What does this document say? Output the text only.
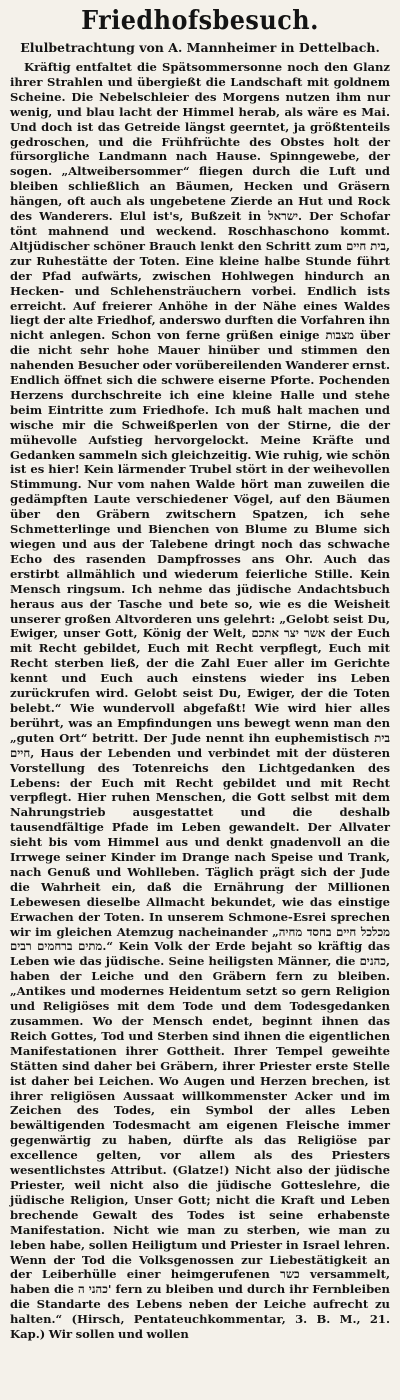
Friedhofsbesuch.
Elulbetrachtung von A. Mannheimer in Dettelbach.

Kräftig entfaltet die Spätsommersonne noch den Glanz ihrer Strahlen und übergießt die Landschaft mit goldnem Scheine. Die Nebelschleier des Morgens nutzen ihm nur wenig, und blau lacht der Himmel herab, als wäre es Mai. Und doch ist das Getreide längst geerntet, ja größtenteils gedroschen, und die Frühfrüchte des Obstes holt der fürsorgliche Landmann nach Hause. Spinngewebe, der sogen. „Altweibersommer“ fliegen durch die Luft und bleiben schließlich an Bäumen, Hecken und Gräsern hängen, oft auch als ungebetene Zierde an Hut und Rock des Wanderers. Elul ist's, Bußzeit in ישראל. Der Schofar tönt mahnend und weckend. Roschhaschono kommt. Altjüdischer schöner Brauch lenkt den Schritt zum בית חיים, zur Ruhestätte der Toten. Eine kleine halbe Stunde führt der Pfad aufwärts, zwischen Hohlwegen hindurch an Hecken- und Schlehensträuchern vorbei. Endlich ists erreicht. Auf freierer Anhöhe in der Nähe eines Waldes liegt der alte Friedhof, anderswo durften die Vorfahren ihn nicht anlegen. Schon von ferne grüßen einige מצבות über die nicht sehr hohe Mauer hinüber und stimmen den nahenden Besucher oder vorübereilenden Wanderer ernst. Endlich öffnet sich die schwere eiserne Pforte. Pochenden Herzens durchschreite ich eine kleine Halle und stehe beim Eintritte zum Friedhofe. Ich muß halt machen und wische mir die Schweißperlen von der Stirne, die der mühevolle Aufstieg hervorgelockt. Meine Kräfte und Gedanken sammeln sich gleichzeitig. Wie ruhig, wie schön ist es hier! Kein lärmender Trubel stört in der weihevollen Stimmung. Nur vom nahen Walde hört man zuweilen die gedämpften Laute verschiedener Vögel, auf den Bäumen über den Gräbern zwitschern Spatzen, ich sehe Schmetterlinge und Bienchen von Blume zu Blume sich wiegen und aus der Talebene dringt noch das schwache Echo des rasenden Dampfrosses ans Ohr. Auch das erstirbt allmählich und wiederum feierliche Stille. Kein Mensch ringsum. Ich nehme das jüdische Andachtsbuch heraus aus der Tasche und bete so, wie es die Weisheit unserer großen Altvorderen uns gelehrt: „Gelobt seist Du, Ewiger, unser Gott, König der Welt, אשר יצר אתכם der Euch mit Recht gebildet, Euch mit Recht verpflegt, Euch mit Recht sterben ließ, der die Zahl Euer aller im Gerichte kennt und Euch auch einstens wieder ins Leben zurückrufen wird. Gelobt seist Du, Ewiger, der die Toten belebt.“ Wie wundervoll abgefaßt! Wie wird hier alles berührt, was an Empfindungen uns bewegt wenn man den „guten Ort“ betritt. Der Jude nennt ihn euphemistisch בית חיים, Haus der Lebenden und verbindet mit der düsteren Vorstellung des Totenreichs den Lichtgedanken des Lebens: der Euch mit Recht gebildet und mit Recht verpflegt. Hier ruhen Menschen, die Gott selbst mit dem Nahrungstrieb ausgestattet und die deshalb tausendfältige Pfade im Leben gewandelt. Der Allvater sieht bis vom Himmel aus und denkt gnadenvoll an die Irrwege seiner Kinder im Drange nach Speise und Trank, nach Genuß und Wohlleben. Täglich prägt sich der Jude die Wahrheit ein, daß die Ernährung der Millionen Lebewesen dieselbe Allmacht bekundet, wie das einstige Erwachen der Toten. In unserem Schmone-Esrei sprechen wir im gleichen Atemzug nacheinander „מכלכל חיים בחסד מחיה מתים ברחמים רבים.“ Kein Volk der Erde bejaht so kräftig das Leben wie das jüdische. Seine heiligsten Männer, die כהנים, haben der Leiche und den Gräbern fern zu bleiben. „Antikes und modernes Heidentum setzt so gern Religion und Religiöses mit dem Tode und dem Todesgedanken zusammen. Wo der Mensch endet, beginnt ihnen das Reich Gottes, Tod und Sterben sind ihnen die eigentlichen Manifestationen ihrer Gottheit. Ihrer Tempel geweihte Stätten sind daher bei Gräbern, ihrer Priester erste Stelle ist daher bei Leichen. Wo Augen und Herzen brechen, ist ihrer religiösen Aussaat willkommenster Acker und im Zeichen des Todes, ein Symbol der alles Leben bewältigenden Todesmacht am eigenen Fleische immer gegenwärtig zu haben, dürfte als das Religiöse par excellence gelten, vor allem als des Priesters wesentlichstes Attribut. (Glatze!) Nicht also der jüdische Priester, weil nicht also die jüdische Gotteslehre, die jüdische Religion, Unser Gott; nicht die Kraft und Leben brechende Gewalt des Todes ist seine erhabenste Manifestation. Nicht wie man zu sterben, wie man zu leben habe, sollen Heiligtum und Priester in Israel lehren. Wenn der Tod die Volksgenossen zur Liebestätigkeit an der Leiberhülle einer heimgerufenen כשר versammelt, haben die כהני ה' fern zu bleiben und durch ihr Fernbleiben die Standarte des Lebens neben der Leiche aufrecht zu halten.“ (Hirsch, Pentateuchkommentar, 3. B. M., 21. Kap.) Wir sollen und wollen
